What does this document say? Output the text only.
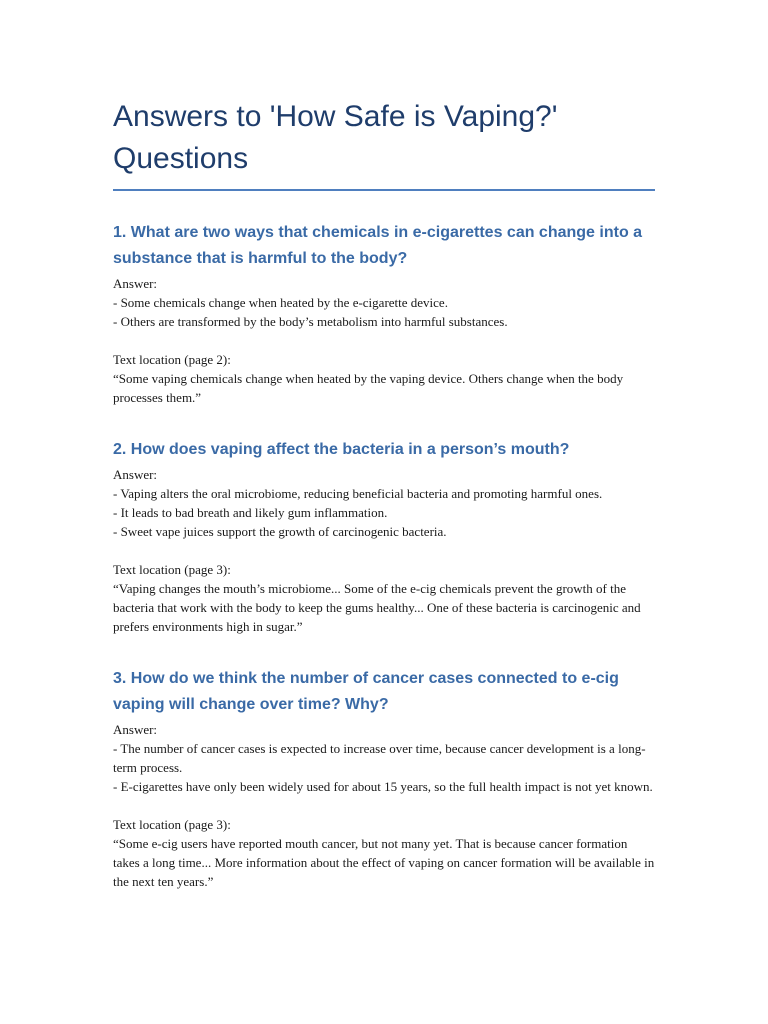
Answers to 'How Safe is Vaping?' Questions
1. What are two ways that chemicals in e-cigarettes can change into a substance that is harmful to the body?

Answer:

- Some chemicals change when heated by the e-cigarette device.

- Others are transformed by the body’s metabolism into harmful substances.

Text location (page 2):

“Some vaping chemicals change when heated by the vaping device. Others change when the body processes them.”

2. How does vaping affect the bacteria in a person’s mouth?

Answer:

- Vaping alters the oral microbiome, reducing beneficial bacteria and promoting harmful ones.

- It leads to bad breath and likely gum inflammation.

- Sweet vape juices support the growth of carcinogenic bacteria.

Text location (page 3):

“Vaping changes the mouth’s microbiome... Some of the e-cig chemicals prevent the growth of the bacteria that work with the body to keep the gums healthy... One of these bacteria is carcinogenic and prefers environments high in sugar.”

3. How do we think the number of cancer cases connected to e-cig vaping will change over time? Why?

Answer:

- The number of cancer cases is expected to increase over time, because cancer development is a long-term process.

- E-cigarettes have only been widely used for about 15 years, so the full health impact is not yet known.

Text location (page 3):

“Some e-cig users have reported mouth cancer, but not many yet. That is because cancer formation takes a long time... More information about the effect of vaping on cancer formation will be available in the next ten years.”
